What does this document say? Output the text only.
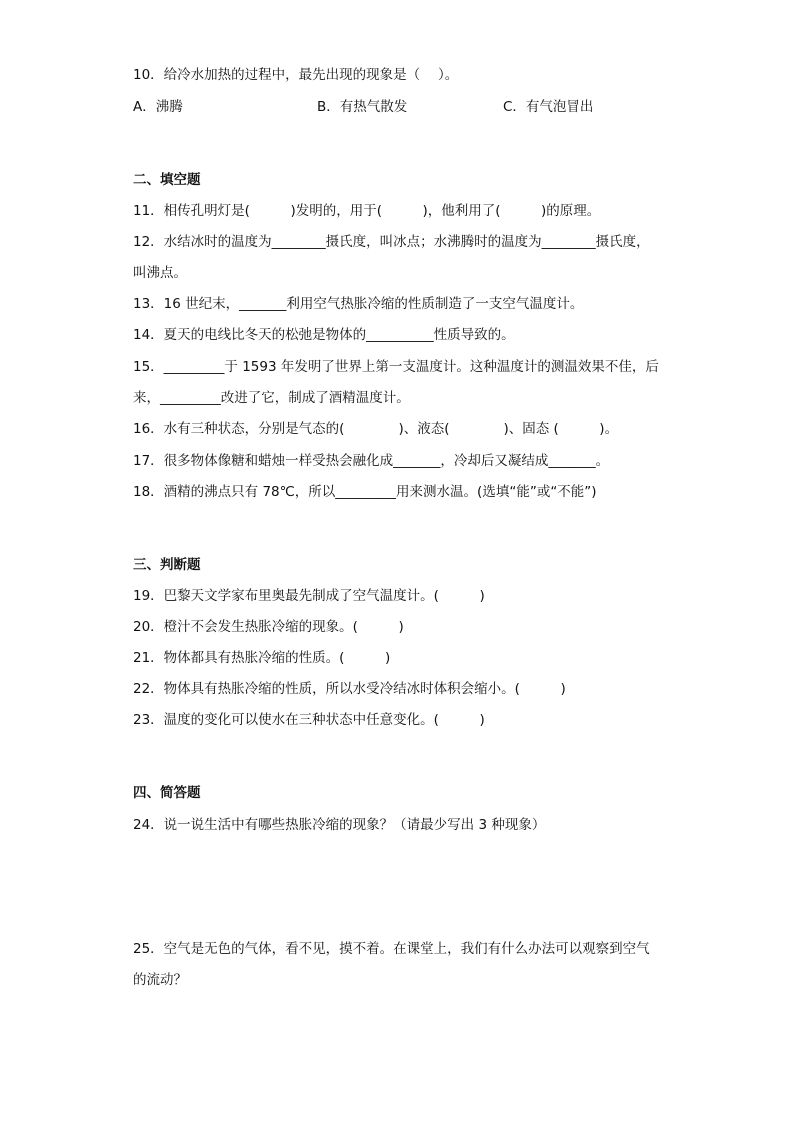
10．给冷水加热的过程中，最先出现的现象是（　 ）。
A．沸腾	B．有热气散发	C．有气泡冒出
二、填空题
11．相传孔明灯是(　　　)发明的，用于(　　　)，他利用了(　　　)的原理。
12．水结冰时的温度为________摄氏度，叫冰点；水沸腾时的温度为________摄氏度，
叫沸点。
13．16 世纪末，_______利用空气热胀冷缩的性质制造了一支空气温度计。
14．夏天的电线比冬天的松弛是物体的__________性质导致的。
15．_________于 1593 年发明了世界上第一支温度计。这种温度计的测温效果不佳，后
来，_________改进了它，制成了酒精温度计。
16．水有三种状态，分别是气态的(　　　　)、液态(　　　　)、固态 (　　　)。
17．很多物体像糖和蜡烛一样受热会融化成_______，冷却后又凝结成_______。
18．酒精的沸点只有 78℃，所以_________用来测水温。(选填“能”或“不能”)
三、判断题
19．巴黎天文学家布里奥最先制成了空气温度计。(　　　)
20．橙汁不会发生热胀冷缩的现象。(　　　)
21．物体都具有热胀冷缩的性质。(　　　)
22．物体具有热胀冷缩的性质，所以水受冷结冰时体积会缩小。(　　　)
23．温度的变化可以使水在三种状态中任意变化。(　　　)
四、简答题
24．说一说生活中有哪些热胀冷缩的现象？（请最少写出 3 种现象）
25．空气是无色的气体，看不见，摸不着。在课堂上，我们有什么办法可以观察到空气
的流动？
